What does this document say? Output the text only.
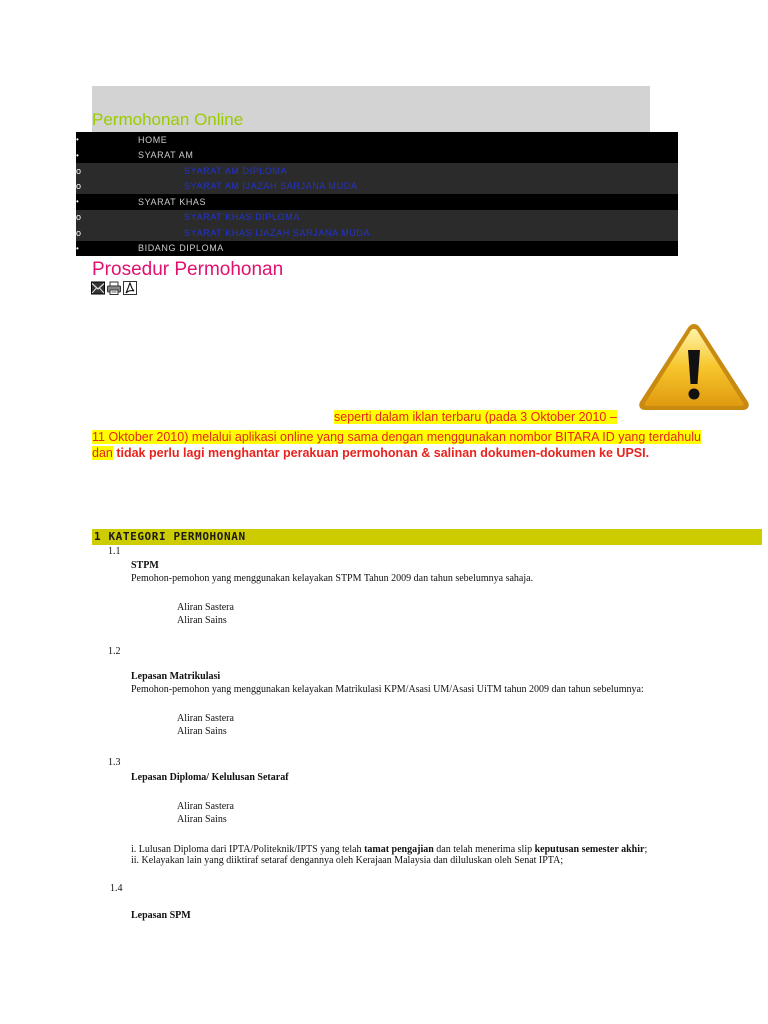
Permohonan Online
•	HOME
•	SYARAT AM
o	SYARAT AM DIPLOMA
o	SYARAT AM IJAZAH SARJANA MUDA
•	SYARAT KHAS
o	SYARAT KHAS DIPLOMA
o	SYARAT KHAS IJAZAH SARJANA MUDA
•	BIDANG DIPLOMA
Prosedur Permohonan
seperti dalam iklan terbaru (pada 3 Oktober 2010 –
11 Oktober 2010) melalui aplikasi online yang sama dengan menggunakan nombor BITARA ID yang terdahulu
dan tidak perlu lagi menghantar perakuan permohonan & salinan dokumen-dokumen ke UPSI.
1 KATEGORI PERMOHONAN
1.1
STPM
Pemohon-pemohon yang menggunakan kelayakan STPM Tahun 2009 dan tahun sebelumnya sahaja.
Aliran Sastera
Aliran Sains
1.2
Lepasan Matrikulasi
Pemohon-pemohon yang menggunakan kelayakan Matrikulasi KPM/Asasi UM/Asasi UiTM tahun 2009 dan tahun sebelumnya:
Aliran Sastera
Aliran Sains
1.3
Lepasan Diploma/ Kelulusan Setaraf
Aliran Sastera
Aliran Sains
i. Lulusan Diploma dari IPTA/Politeknik/IPTS yang telah tamat pengajian dan telah menerima slip keputusan semester akhir;
ii. Kelayakan lain yang diiktiraf setaraf dengannya oleh Kerajaan Malaysia dan diluluskan oleh Senat IPTA;
1.4
Lepasan SPM
